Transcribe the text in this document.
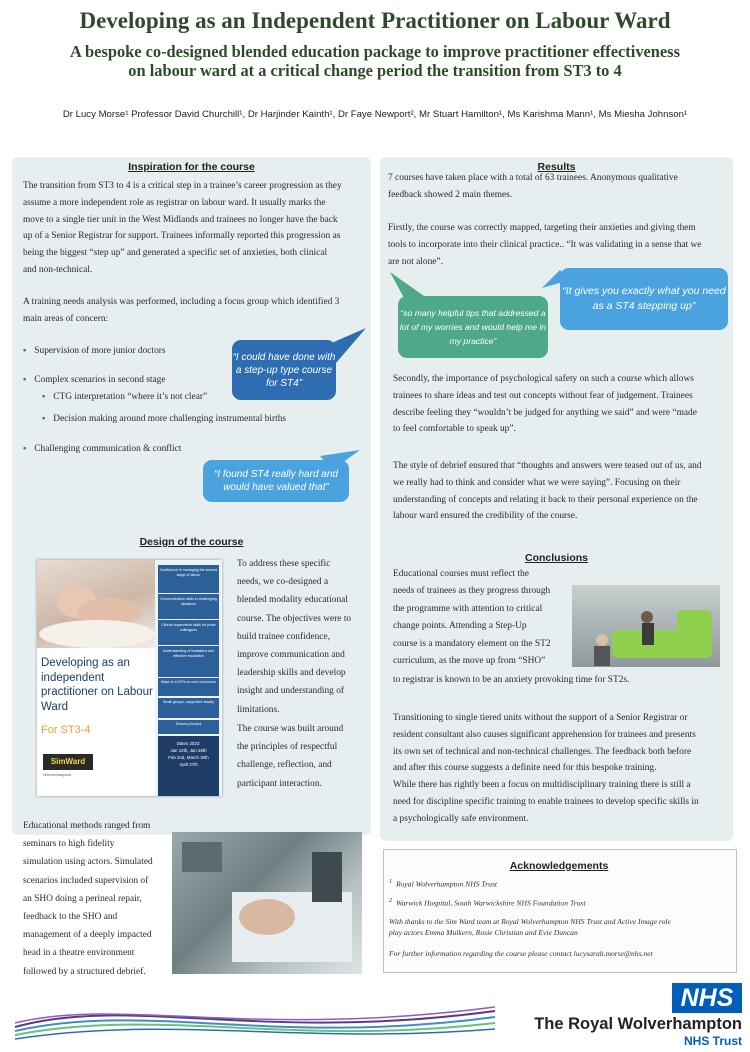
Developing as an Independent Practitioner on Labour Ward
A bespoke co-designed blended education package to improve practitioner effectiveness
on labour ward at a critical change period the transition from ST3 to 4
Dr Lucy Morse¹ Professor David Churchill¹, Dr Harjinder Kainth¹, Dr Faye Newport², Mr Stuart Hamilton¹, Ms Karishma Mann¹, Ms Miesha Johnson¹
Inspiration for the course
The transition from ST3 to 4 is a critical step in a trainee’s career progression as they
assume a more independent role as registrar on labour ward. It usually marks the
move to a single tier unit in the West Midlands and trainees no longer have the back
up of a Senior Registrar for support. Trainees informally reported this progression as
being the biggest “step up” and generated a specific set of anxieties, both clinical
and non-technical.
A training needs analysis was performed, including a focus group which identified 3
main areas of concern:
• Supervision of more junior doctors
• Complex scenarios in second stage
• CTG interpretation “where it’s not clear”
• Decision making around more challenging instrumental births
• Challenging communication & conflict
“I could have done with a step-up type course for ST4”
“I found ST4 really hard and would have valued that”
Design of the course
Developing as an independent practitioner on Labour Ward
For ST3-4
SimWard
Wolverhampton
Confidence in managing the second stage of labour
Communication skills in challenging situations
Clinical supervision skills for junior colleagues
Understanding of limitations and effective escalation
Maps to 6 CiPs on core curriculum
Small groups, supportive faculty
Deanery funded
Dates 2023:
Jan 12th, Jan 26th
Feb 2nd, March 30th
April 27th
To address these specific
needs, we co-designed a
blended modality educational
course. The objectives were to
build trainee confidence,
improve communication and
leadership skills and develop
insight and understanding of
limitations.
The course was built around
the principles of respectful
challenge, reflection, and
participant interaction.
Educational methods ranged from
seminars to high fidelity
simulation using actors. Simulated
scenarios included supervision of
an SHO doing a perineal repair,
feedback to the SHO and
management of a deeply impacted
head in a theatre environment
followed by a structured debrief.
Results
7 courses have taken place with a total of 63 trainees. Anonymous qualitative
feedback showed 2 main themes.
Firstly, the course was correctly mapped, targeting their anxieties and giving them
tools to incorporate into their clinical practice.. “It was validating in a sense that we
are not alone”.
“It gives you exactly what you need as a ST4 stepping up”
“so many helpful tips that addressed a lot of my worries and would help me in my practice”
Secondly, the importance of psychological safety on such a course which allows
trainees to share ideas and test out concepts without fear of judgement. Trainees
describe feeling they “wouldn’t be judged for anything we said” and were “made
to feel comfortable to speak up”.
The style of debrief ensured that “thoughts and answers were teased out of us, and
we really had to think and consider what we were saying”. Focusing on their
understanding of concepts and relating it back to their personal experience on the
labour ward ensured the credibility of the course.
Conclusions
Educational courses must reflect the
needs of trainees as they progress through
the programme with attention to critical
change points. Attending a Step-Up
course is a mandatory element on the ST2
curriculum, as the move up from “SHO”
to registrar is known to be an anxiety provoking time for ST2s.
Transitioning to single tiered units without the support of a Senior Registrar or
resident consultant also causes significant apprehension for trainees and presents
its own set of technical and non-technical challenges. The feedback both before
and after this course suggests a definite need for this bespoke training.
While there has rightly been a focus on multidisciplinary training there is still a
need for discipline specific training to enable trainees to develop specific skills in
a psychologically safe environment.
Acknowledgements
$^1$ Royal Wolverhampton NHS Trust
$^2$ Warwick Hospital, South Warwickshire NHS Foundation Trust
With thanks to the Sim Ward team at Royal Wolverhampton NHS Trust and Active Image role
play actors Emma Mulkern, Rosie Christian and Evie Duncan
For further information regarding the course please contact lucysarah.morse@nhs.net
NHS
The Royal Wolverhampton
NHS Trust
